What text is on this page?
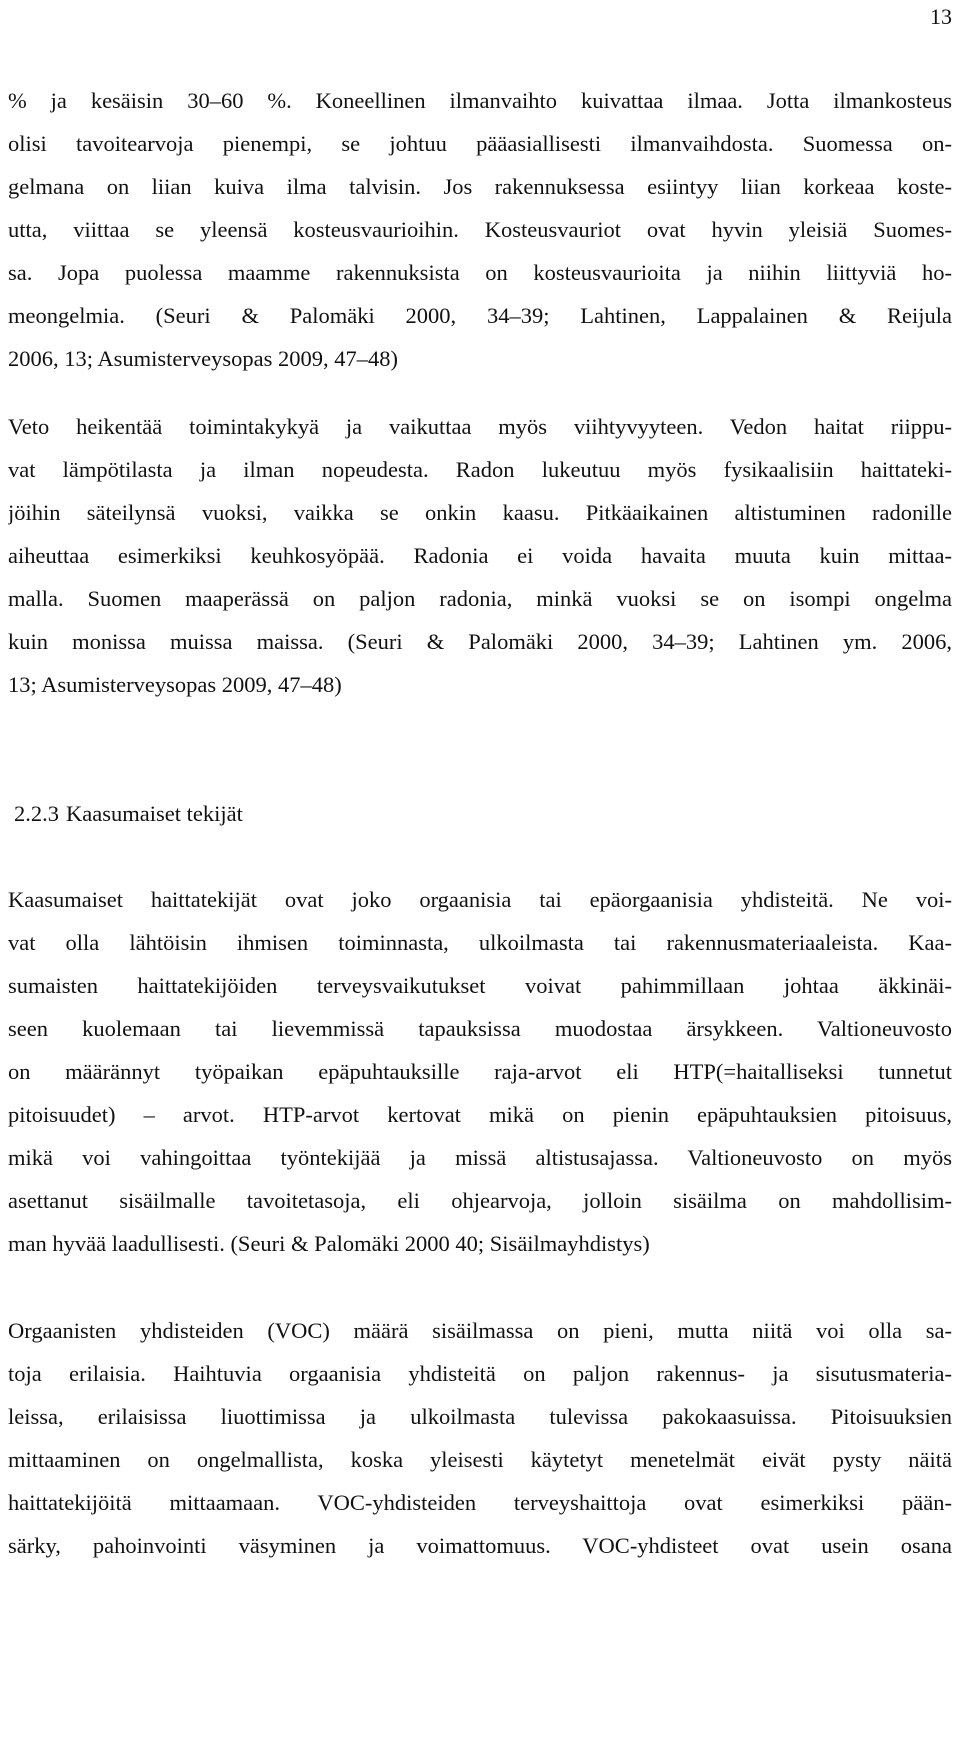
13
% ja kesäisin 30–60 %. Koneellinen ilmanvaihto kuivattaa ilmaa. Jotta ilmankosteus
olisi tavoitearvoja pienempi, se johtuu pääasiallisesti ilmanvaihdosta. Suomessa on-
gelmana on liian kuiva ilma talvisin. Jos rakennuksessa esiintyy liian korkeaa koste-
utta, viittaa se yleensä kosteusvaurioihin. Kosteusvauriot ovat hyvin yleisiä Suomes-
sa. Jopa puolessa maamme rakennuksista on kosteusvaurioita ja niihin liittyviä ho-
meongelmia. (Seuri & Palomäki 2000, 34–39; Lahtinen, Lappalainen & Reijula
2006, 13; Asumisterveysopas 2009, 47–48)
Veto heikentää toimintakykyä ja vaikuttaa myös viihtyvyyteen. Vedon haitat riippu-
vat lämpötilasta ja ilman nopeudesta. Radon lukeutuu myös fysikaalisiin haittateki-
jöihin säteilynsä vuoksi, vaikka se onkin kaasu. Pitkäaikainen altistuminen radonille
aiheuttaa esimerkiksi keuhkosyöpää. Radonia ei voida havaita muuta kuin mittaa-
malla. Suomen maaperässä on paljon radonia, minkä vuoksi se on isompi ongelma
kuin monissa muissa maissa. (Seuri & Palomäki 2000, 34–39; Lahtinen ym. 2006,
13; Asumisterveysopas 2009, 47–48)
2.2.3 Kaasumaiset tekijät
Kaasumaiset haittatekijät ovat joko orgaanisia tai epäorgaanisia yhdisteitä. Ne voi-
vat olla lähtöisin ihmisen toiminnasta, ulkoilmasta tai rakennusmateriaaleista. Kaa-
sumaisten haittatekijöiden terveysvaikutukset voivat pahimmillaan johtaa äkkinäi-
seen kuolemaan tai lievemmissä tapauksissa muodostaa ärsykkeen. Valtioneuvosto
on määrännyt työpaikan epäpuhtauksille raja-arvot eli HTP(=haitalliseksi tunnetut
pitoisuudet) – arvot. HTP-arvot kertovat mikä on pienin epäpuhtauksien pitoisuus,
mikä voi vahingoittaa työntekijää ja missä altistusajassa. Valtioneuvosto on myös
asettanut sisäilmalle tavoitetasoja, eli ohjearvoja, jolloin sisäilma on mahdollisim-
man hyvää laadullisesti. (Seuri & Palomäki 2000 40; Sisäilmayhdistys)
Orgaanisten yhdisteiden (VOC) määrä sisäilmassa on pieni, mutta niitä voi olla sa-
toja erilaisia. Haihtuvia orgaanisia yhdisteitä on paljon rakennus- ja sisutusmateria-
leissa, erilaisissa liuottimissa ja ulkoilmasta tulevissa pakokaasuissa. Pitoisuuksien
mittaaminen on ongelmallista, koska yleisesti käytetyt menetelmät eivät pysty näitä
haittatekijöitä mittaamaan. VOC-yhdisteiden terveyshaittoja ovat esimerkiksi pään-
särky, pahoinvointi väsyminen ja voimattomuus. VOC-yhdisteet ovat usein osana
